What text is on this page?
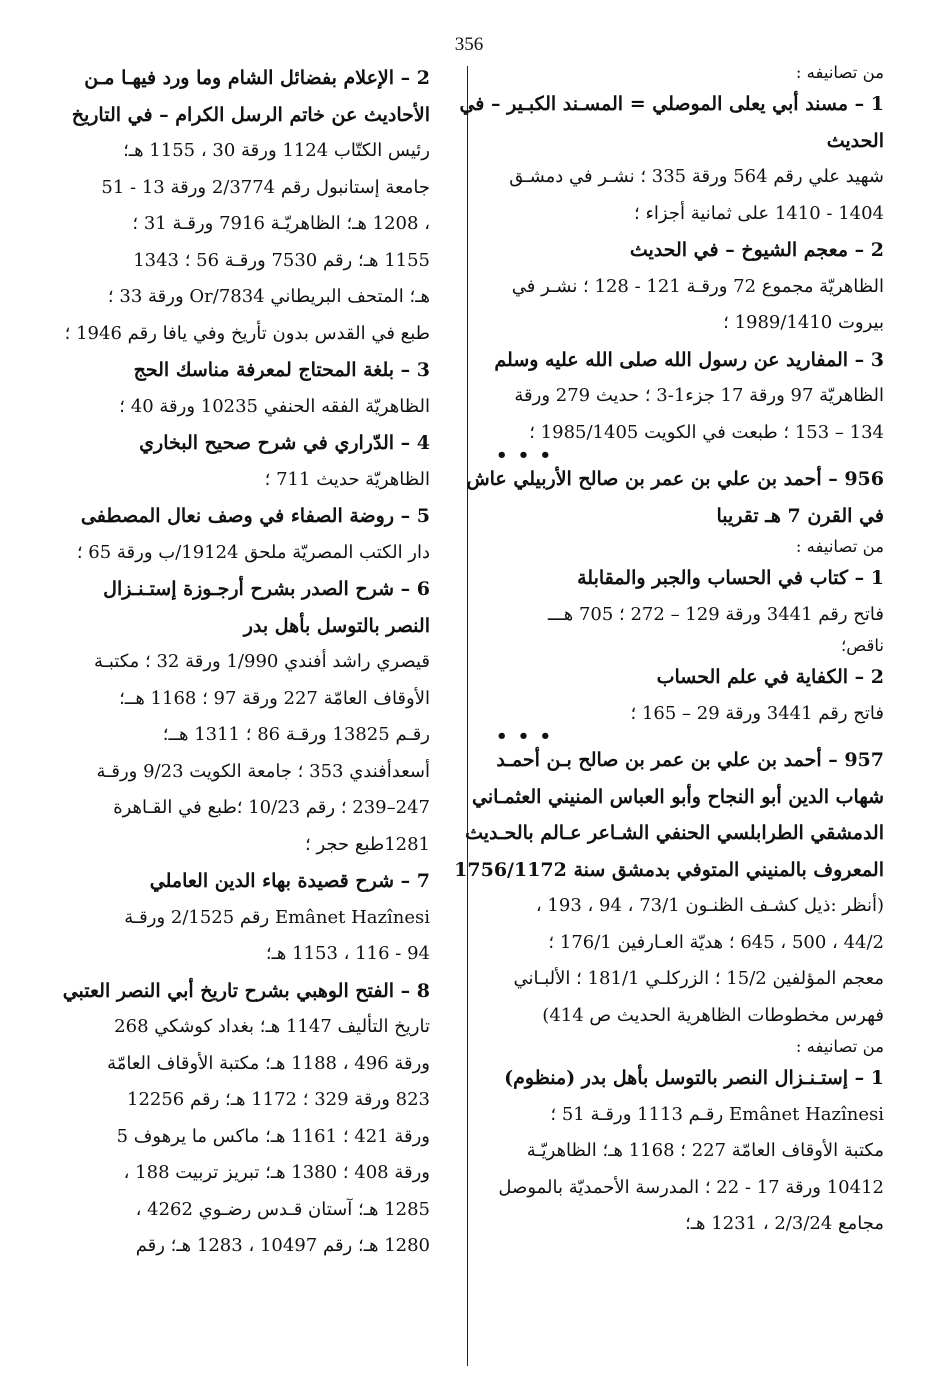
356
من تصانيفه :
1 – مسند أبي يعلى الموصلي = المسـند الكبـير – في
الحديث
شهيد علي رقم 564 ورقة 335 ؛ نشـر في دمشـق
1404 - 1410 على ثمانية أجزاء ؛
2 – معجم الشيوخ – في الحديث
الظاهريّة مجموع 72 ورقـة 121 - 128 ؛ نشـر في
بيروت 1989/1410 ؛
3 – المفاريد عن رسول الله صلى الله عليه وسلم
الظاهريّة 97 ورقة 17 جزء1-3 ؛ حديث 279 ورقة
134 – 153 ؛ طبعت في الكويت 1985/1405 ؛
• • •
956 – أحمد بن علي بن عمر بن صالح الأربيلي عاش
في القرن 7 هـ تقريبا
من تصانيفه :
1 – كتاب في الحساب والجبر والمقابلة
فاتح رقم 3441 ورقة 129 – 272 ؛ 705 هـــ
ناقص؛
2 – الكفاية في علم الحساب
فاتح رقم 3441 ورقة 29 – 165 ؛
• • •
957 – أحمد بن علي بن عمر بن صالح بـن أحمـد
شهاب الدين أبو النجاح وأبو العباس المنيني العثمـاني
الدمشقي الطرابلسي الحنفي الشـاعر عـالم بالحـديث
المعروف بالمنيني المتوفي بدمشق سنة 1756/1172
(أنظر :ذيل كشـف الظنـون 73/1 ، 94 ، 193 ،
44/2 ، 500 ، 645 ؛ هديّة العـارفين 176/1 ؛
معجم المؤلفين 15/2 ؛ الزركلـي 181/1 ؛ الألبـاني
فهرس مخطوطات الظاهرية الحديث ص 414)
من تصانيفه :
1 – إستـنـزال النصر بالتوسل بأهل بدر (منظوم)
Emânet Hazînesi رقـم 1113 ورقـة 51 ؛
مكتبة الأوقاف العامّة 227 ؛ 1168 هـ؛ الظاهريّـة
10412 ورقة 17 - 22 ؛ المدرسة الأحمديّة بالموصل
مجامع 2/3/24 ، 1231 هـ؛
2 – الإعلام بفضائل الشام وما ورد فيهـا مـن
الأحاديث عن خاتم الرسل الكرام – في التاريخ
رئيس الكتّاب 1124 ورقة 30 ، 1155 هـ؛
جامعة إستانبول رقم 2/3774 ورقة 13 - 51
، 1208 هـ؛ الظاهريّـة 7916 ورقـة 31 ؛
1155 هـ؛ رقم 7530 ورقـة 56 ؛ 1343
هـ؛ المتحف البريطاني 7834/Or ورقة 33 ؛
طبع في القدس بدون تأريخ وفي يافا رقم 1946 ؛
3 – بلغة المحتاج لمعرفة مناسك الحج
الظاهريّة الفقه الحنفي 10235 ورقة 40 ؛
4 – الدّراري في شرح صحيح البخاري
الظاهريّة حديث 711 ؛
5 – روضة الصفاء في وصف نعال المصطفى
دار الكتب المصريّة ملحق 19124/ب ورقة 65 ؛
6 – شرح الصدر بشرح أرجـوزة إستـنـزال
النصر بالتوسل بأهل بدر
قيصري راشد أفندي 1/990 ورقة 32 ؛ مكتبـة
الأوقاف العامّة 227 ورقة 97 ؛ 1168 هــ؛
رقـم 13825 ورقـة 86 ؛ 1311 هــ؛
أسعدأفندي 353 ؛ جامعة الكويت 9/23 ورقـة
247–239 ؛ رقم 10/23 ؛طبع في القـاهرة
1281طبع حجر ؛
7 – شرح قصيدة بهاء الدين العاملي
Emânet Hazînesi رقم 2/1525 ورقـة
94 - 116 ، 1153 هـ؛
8 – الفتح الوهبي بشرح تاريخ أبي النصر العتبي
تاريخ التأليف 1147 هـ؛ بغداد كوشكي 268
ورقة 496 ، 1188 هـ؛ مكتبة الأوقاف العامّة
823 ورقة 329 ؛ 1172 هـ؛ رقم 12256
ورقة 421 ؛ 1161 هـ؛ ماكس ما يرهوف 5
ورقة 408 ؛ 1380 هـ؛ تبريز تربيت 188 ،
1285 هـ؛ آستان قـدس رضـوي 4262 ،
1280 هـ؛ رقم 10497 ، 1283 هـ؛ رقم
